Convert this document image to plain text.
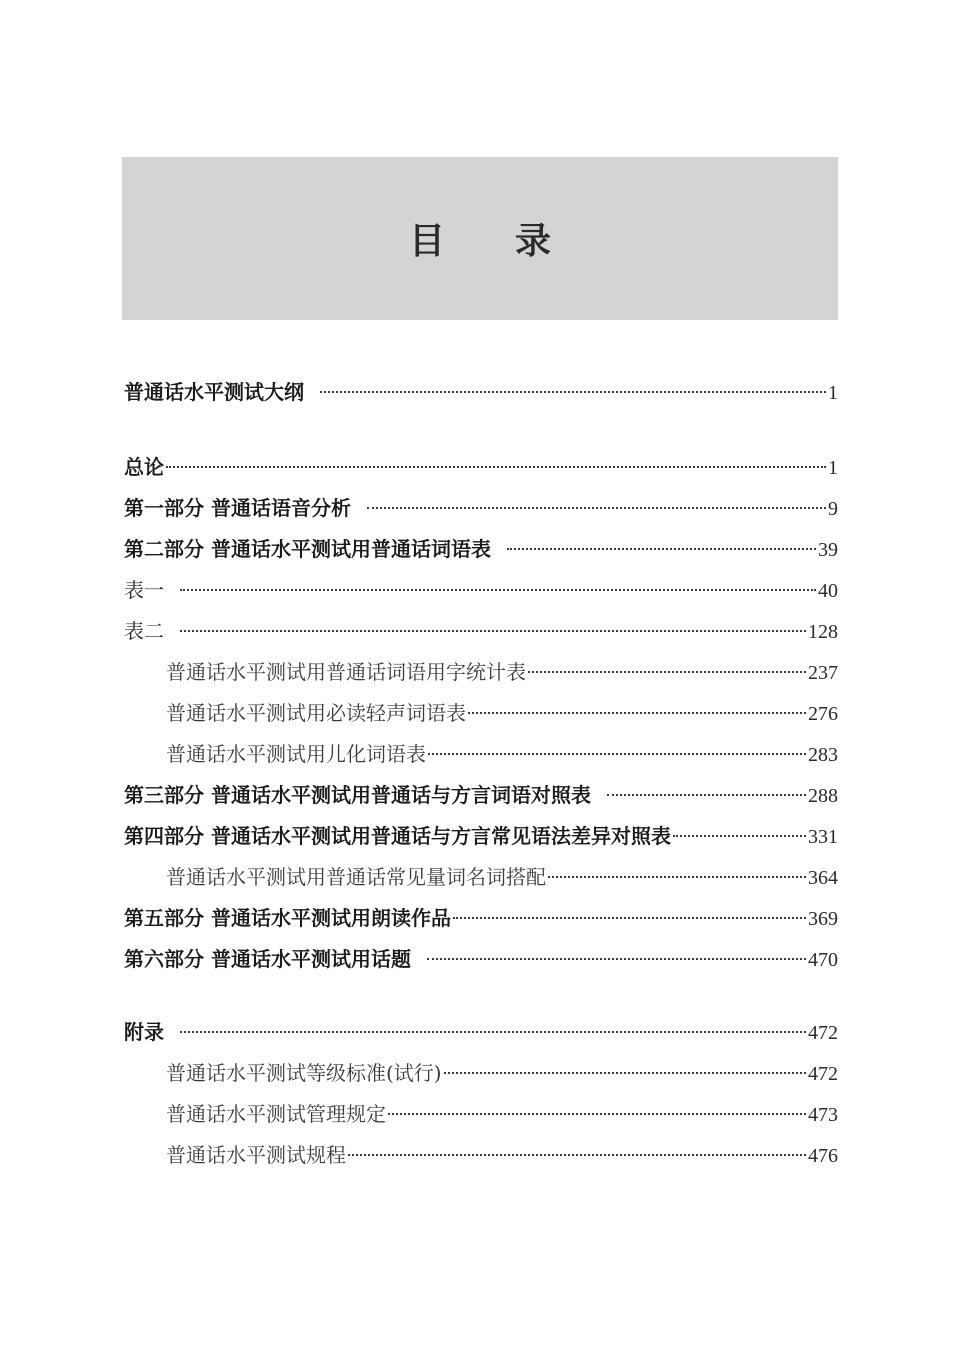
目 录
普通话水平测试大纲	1
总论	1
第一部分 普通话语音分析	9
第二部分 普通话水平测试用普通话词语表	39
表一	40
表二	128
普通话水平测试用普通话词语用字统计表	237
普通话水平测试用必读轻声词语表	276
普通话水平测试用儿化词语表	283
第三部分 普通话水平测试用普通话与方言词语对照表	288
第四部分 普通话水平测试用普通话与方言常见语法差异对照表	331
普通话水平测试用普通话常见量词名词搭配	364
第五部分 普通话水平测试用朗读作品	369
第六部分 普通话水平测试用话题	470
附录	472
普通话水平测试等级标准(试行)	472
普通话水平测试管理规定	473
普通话水平测试规程	476
